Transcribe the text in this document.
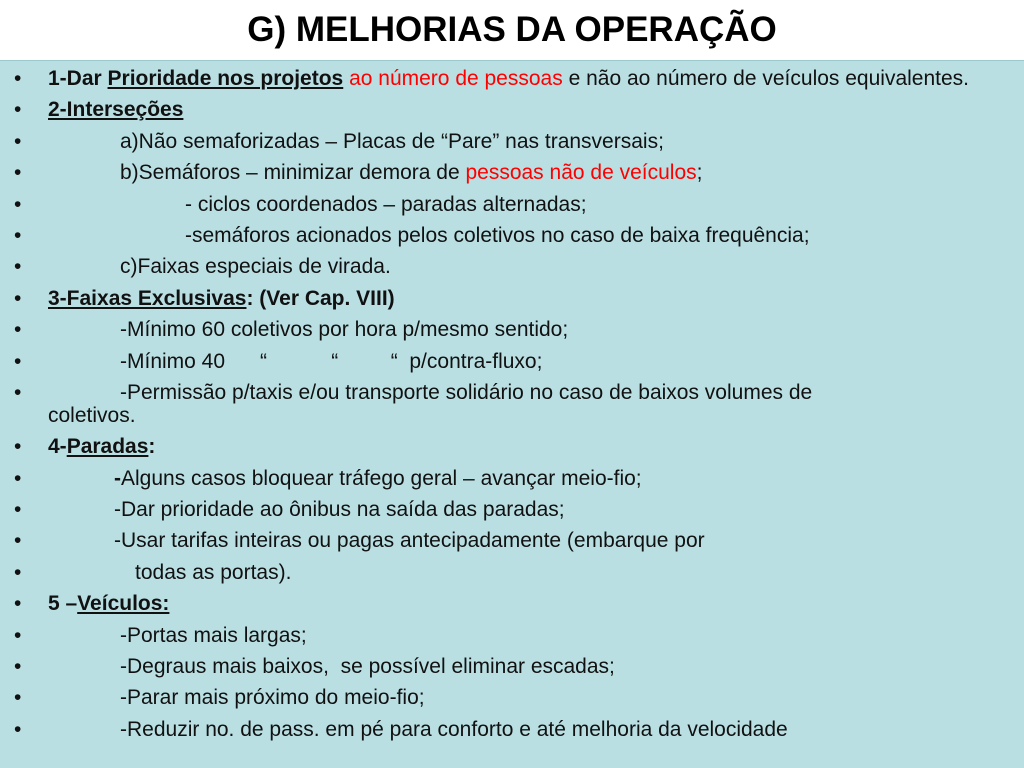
G) MELHORIAS DA OPERAÇÃO
• 1-Dar Prioridade nos projetos ao número de pessoas e não ao número de veículos equivalentes.
• 2-Interseções
•	a)Não semaforizadas – Placas de “Pare” nas transversais;
•	b)Semáforos – minimizar demora de pessoas não de veículos;
•	- ciclos coordenados – paradas alternadas;
•	-semáforos acionados pelos coletivos no caso de baixa frequência;
•	c)Faixas especiais de virada.
• 3-Faixas Exclusivas: (Ver Cap. VIII)
•	-Mínimo 60 coletivos por hora p/mesmo sentido;
•	-Mínimo 40      “           “         “  p/contra-fluxo;
•	-Permissão p/taxis e/ou transporte solidário no caso de baixos volumes de
coletivos.
• 4-Paradas:
•	-Alguns casos bloquear tráfego geral – avançar meio-fio;
•	-Dar prioridade ao ônibus na saída das paradas;
•	-Usar tarifas inteiras ou pagas antecipadamente (embarque por
•	todas as portas).
• 5 –Veículos:
•	-Portas mais largas;
•	-Degraus mais baixos,  se possível eliminar escadas;
•	-Parar mais próximo do meio-fio;
•	-Reduzir no. de pass. em pé para conforto e até melhoria da velocidade
